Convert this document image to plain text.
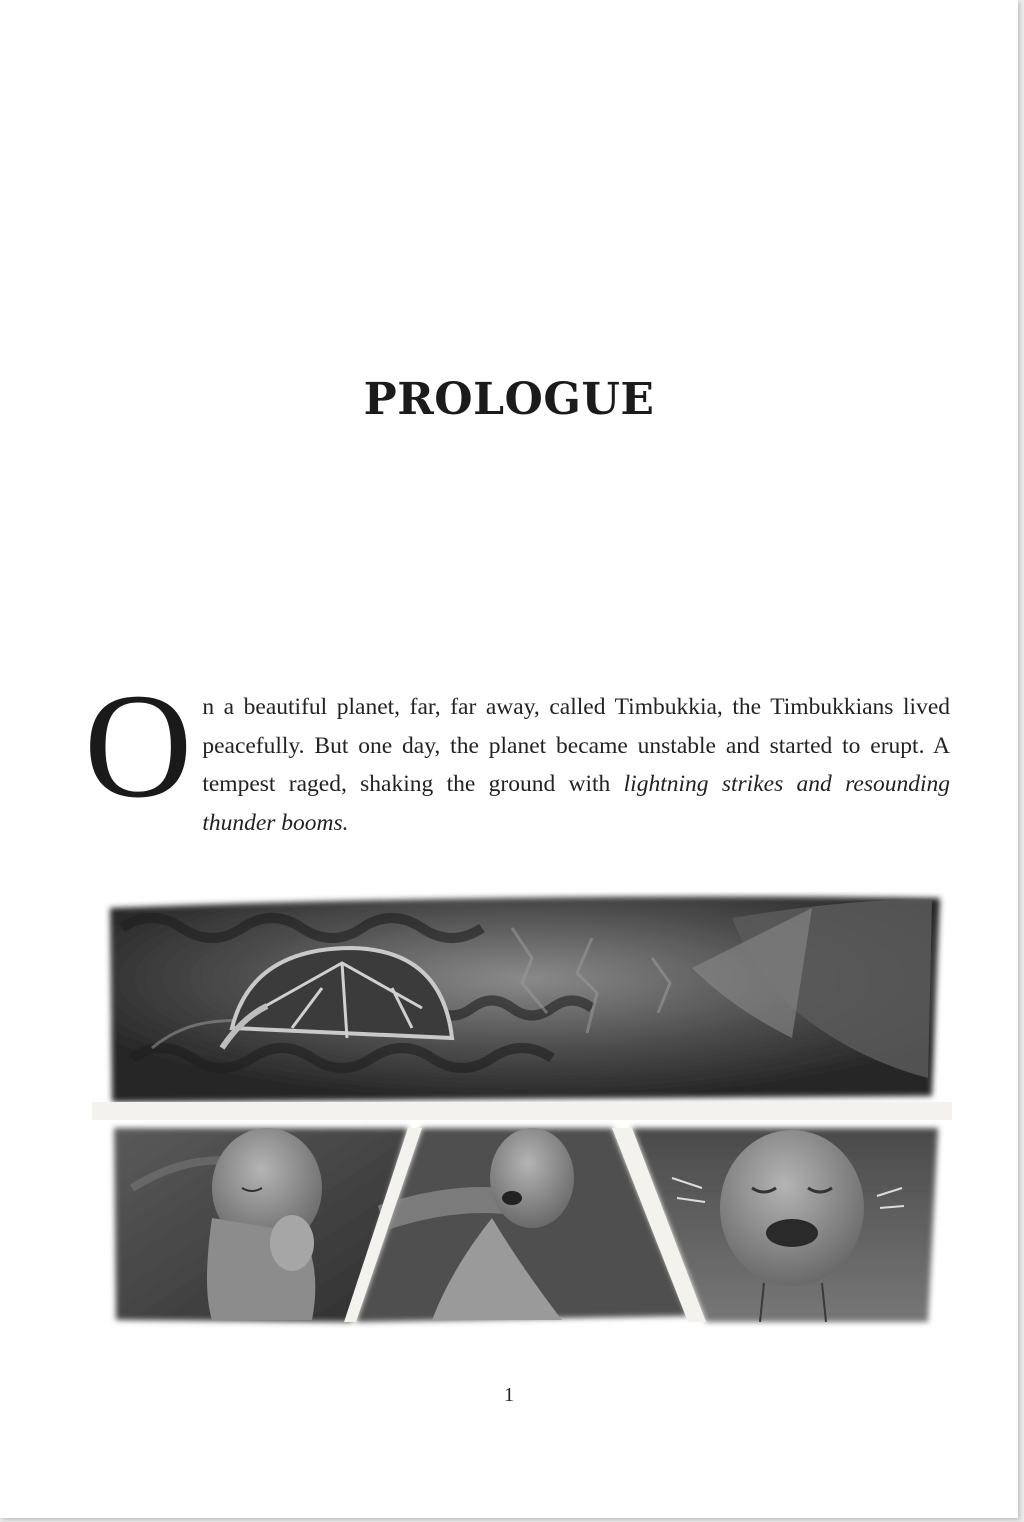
PROLOGUE

On a beautiful planet, far, far away, called Timbukkia, the Timbukkians lived peacefully. But one day, the planet became unstable and started to erupt. A tempest raged, shaking the ground with lightning strikes and resounding thunder booms.

1
